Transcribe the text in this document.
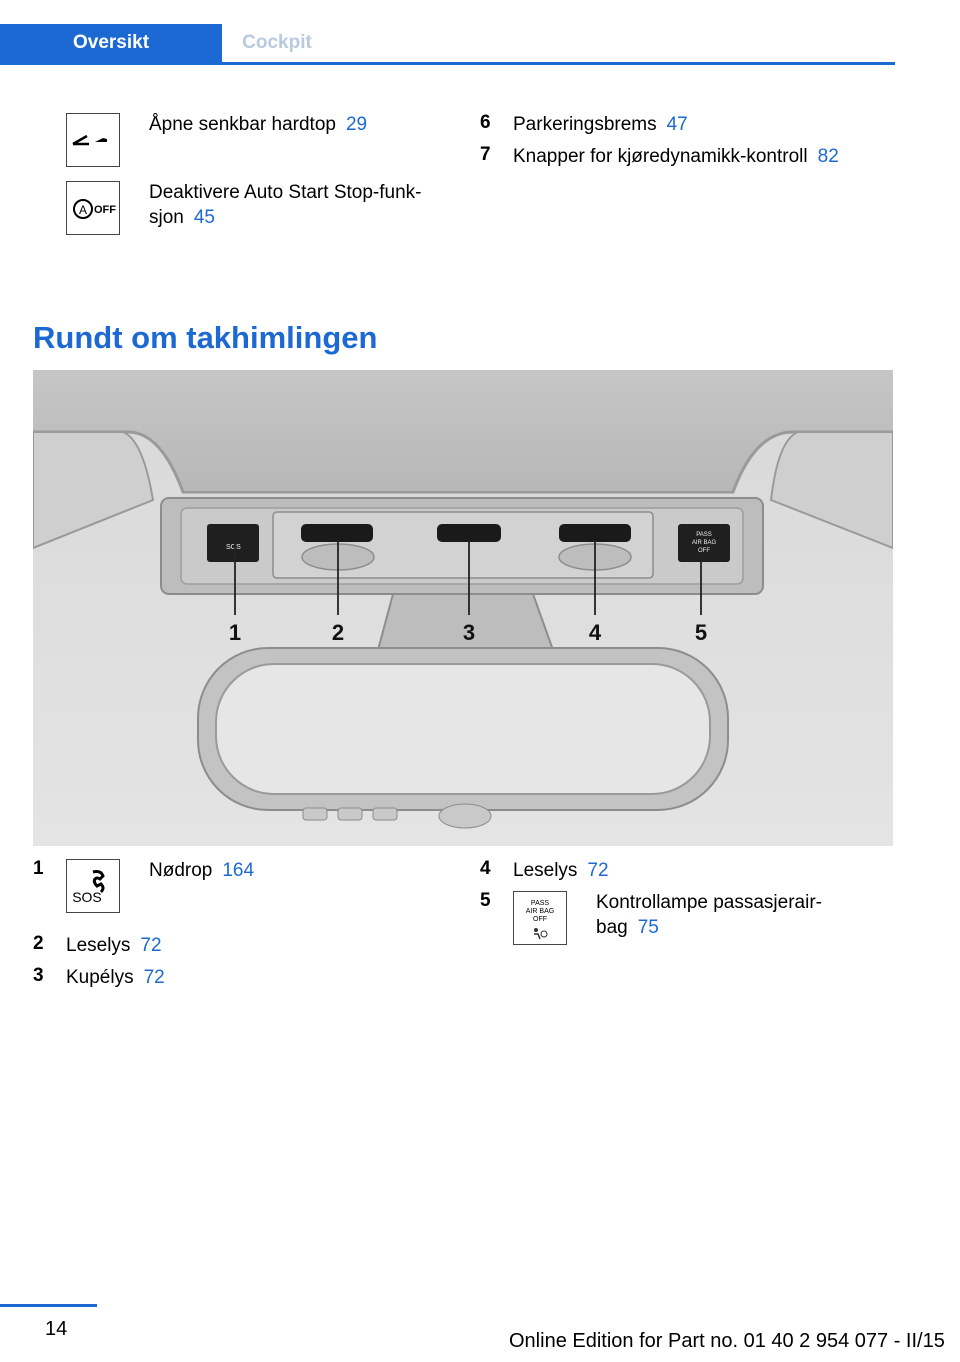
Oversikt	Cockpit
Åpne senkbar hardtop 29
A OFF
Deaktivere Auto Start Stop-funk-
sjon 45
6 Parkeringsbrems 47
7 Knapper for kjøredynamikk-kontroll 82
Rundt om takhimlingen
SOS
PASS
AIR BAG
OFF
1	2	3	4	5
1
SOS
Nødrop 164
2 Leselys 72
3 Kupélys 72
4 Leselys 72
5	PASS
AIR BAG
OFF
Kontrollampe passasjerair-
bag 75
14
Online Edition for Part no. 01 40 2 954 077 - II/15
